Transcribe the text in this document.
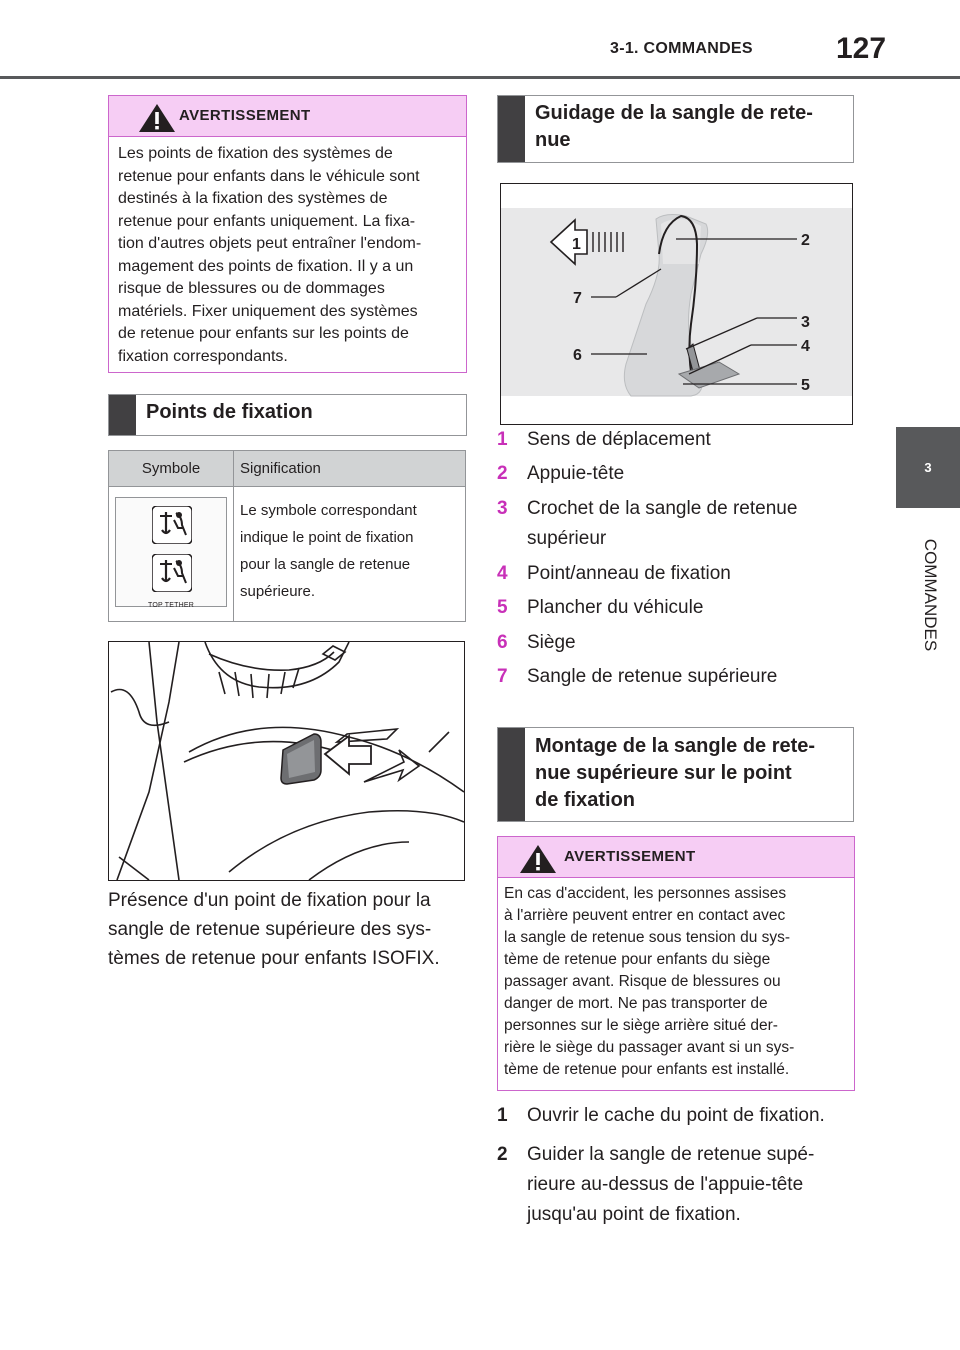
3-1. COMMANDES	127
3
COMMANDES
AVERTISSEMENT
Les points de fixation des systèmes de
retenue pour enfants dans le véhicule sont
destinés à la fixation des systèmes de
retenue pour enfants uniquement. La fixa-
tion d'autres objets peut entraîner l'endom-
magement des points de fixation. Il y a un
risque de blessures ou de dommages
matériels. Fixer uniquement des systèmes
de retenue pour enfants sur les points de
fixation correspondants.
Points de fixation
Symbole	Signification

TOP TETHER	Le symbole correspondant
indique le point de fixation
pour la sangle de retenue
supérieure.
Présence d'un point de fixation pour la
sangle de retenue supérieure des sys-
tèmes de retenue pour enfants ISOFIX.
Guidage de la sangle de rete-
nue
1	2
7
3
4
6
5
1 Sens de déplacement
2 Appuie-tête
3 Crochet de la sangle de retenue
supérieur
4 Point/anneau de fixation
5 Plancher du véhicule
6 Siège
7 Sangle de retenue supérieure
Montage de la sangle de rete-
nue supérieure sur le point
de fixation
AVERTISSEMENT
En cas d'accident, les personnes assises
à l'arrière peuvent entrer en contact avec
la sangle de retenue sous tension du sys-
tème de retenue pour enfants du siège
passager avant. Risque de blessures ou
danger de mort. Ne pas transporter de
personnes sur le siège arrière situé der-
rière le siège du passager avant si un sys-
tème de retenue pour enfants est installé.
1 Ouvrir le cache du point de fixation.
2 Guider la sangle de retenue supé-
rieure au-dessus de l'appuie-tête
jusqu'au point de fixation.
